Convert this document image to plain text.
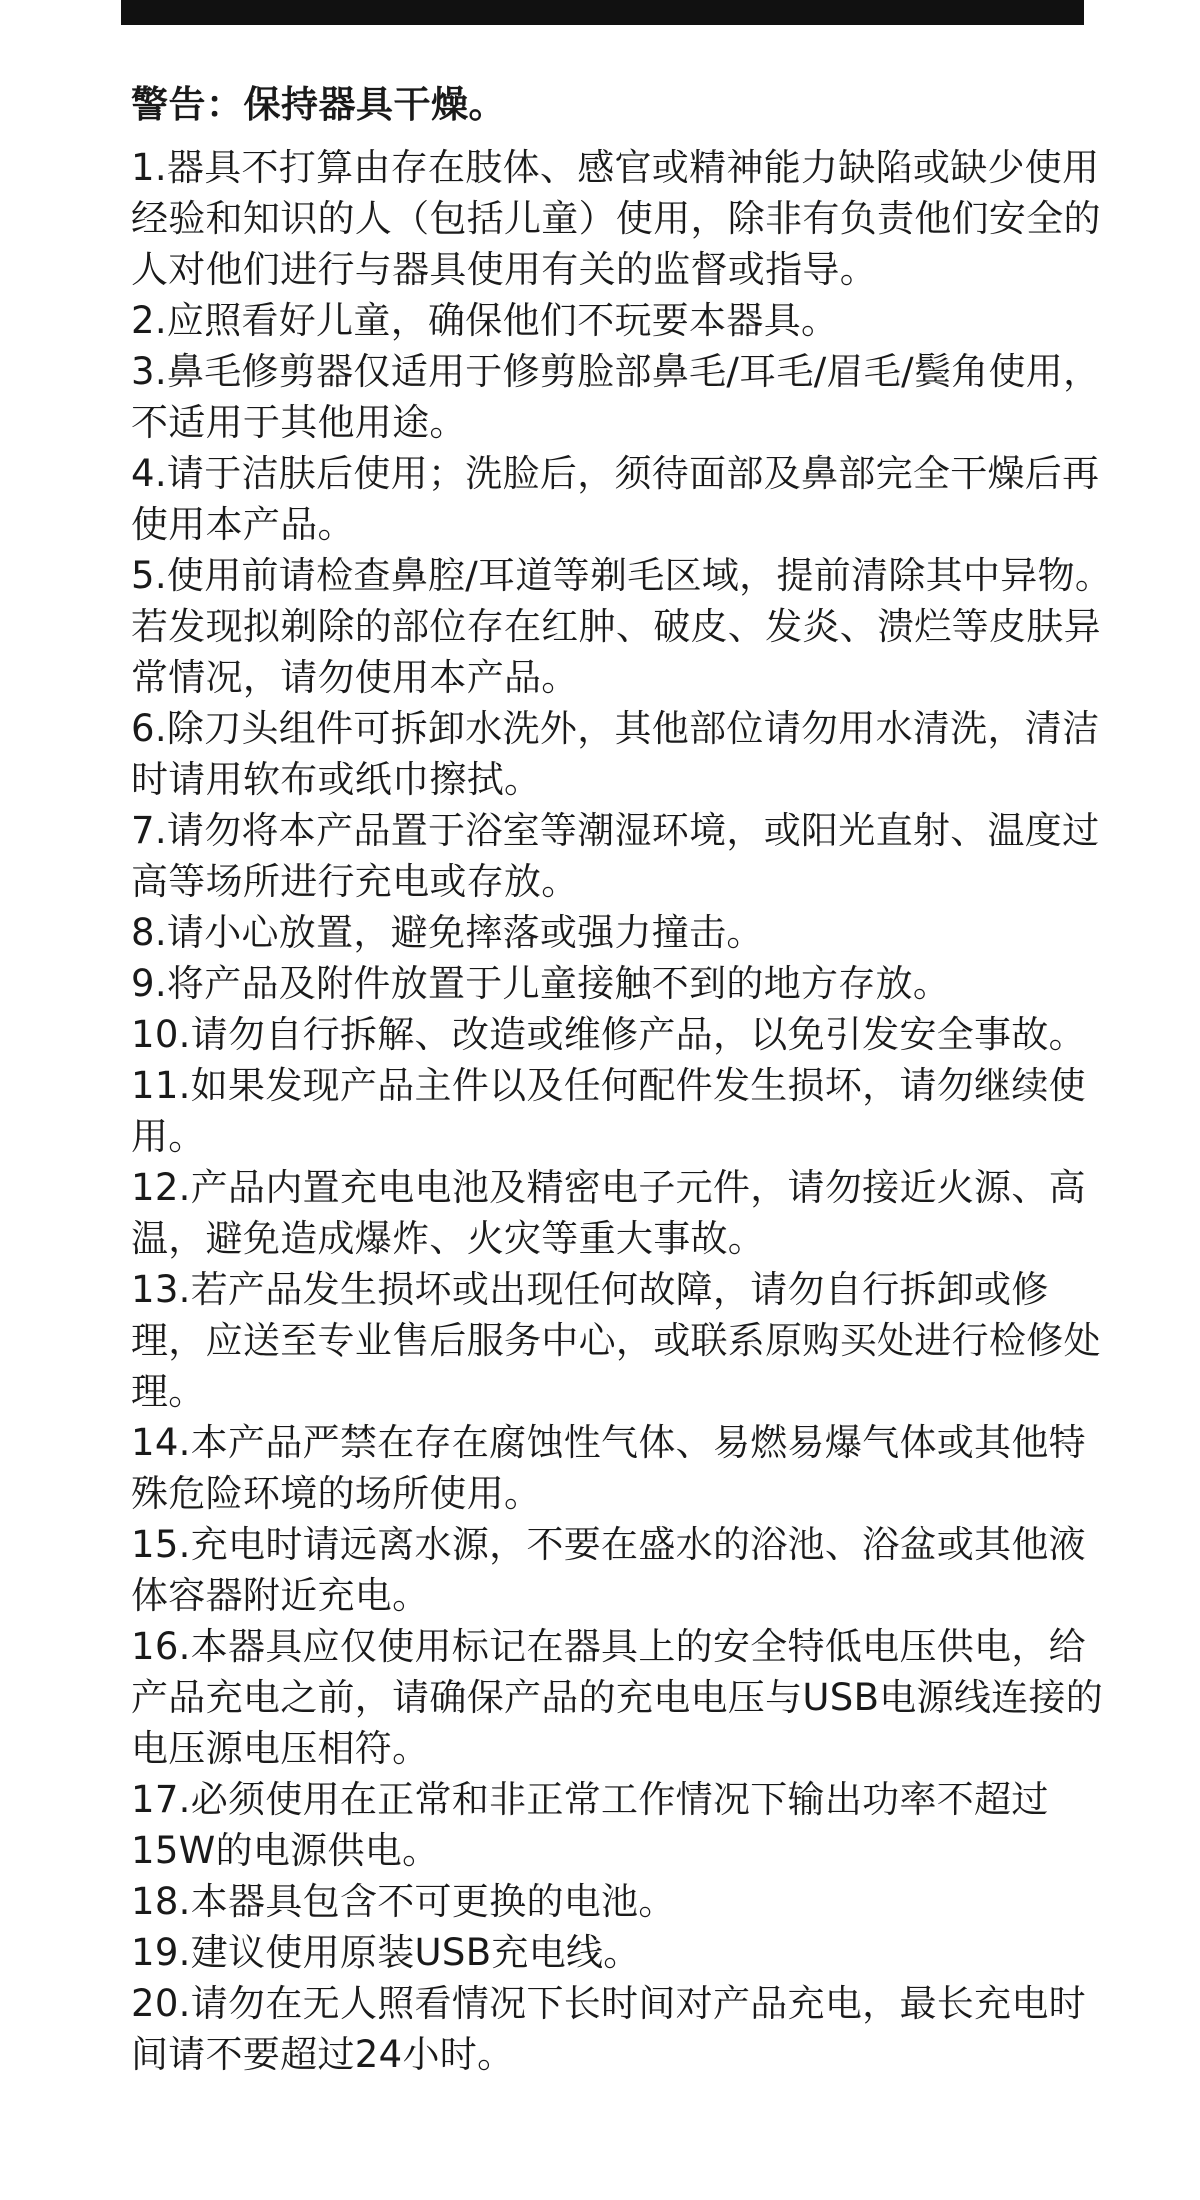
警告：保持器具干燥。

1.器具不打算由存在肢体、感官或精神能力缺陷或缺少使用经验和知识的人（包括儿童）使用，除非有负责他们安全的人对他们进行与器具使用有关的监督或指导。

2.应照看好儿童，确保他们不玩要本器具。

3.鼻毛修剪器仅适用于修剪脸部鼻毛/耳毛/眉毛/鬓角使用，不适用于其他用途。

4.请于洁肤后使用；洗脸后，须待面部及鼻部完全干燥后再使用本产品。

5.使用前请检查鼻腔/耳道等剃毛区域，提前清除其中异物。若发现拟剃除的部位存在红肿、破皮、发炎、溃烂等皮肤异常情况，请勿使用本产品。

6.除刀头组件可拆卸水洗外，其他部位请勿用水清洗，清洁时请用软布或纸巾擦拭。

7.请勿将本产品置于浴室等潮湿环境，或阳光直射、温度过高等场所进行充电或存放。

8.请小心放置，避免摔落或强力撞击。

9.将产品及附件放置于儿童接触不到的地方存放。

10.请勿自行拆解、改造或维修产品，以免引发安全事故。

11.如果发现产品主件以及任何配件发生损坏，请勿继续使用。

12.产品内置充电电池及精密电子元件，请勿接近火源、高温，避免造成爆炸、火灾等重大事故。

13.若产品发生损坏或出现任何故障，请勿自行拆卸或修理，应送至专业售后服务中心，或联系原购买处进行检修处理。

14.本产品严禁在存在腐蚀性气体、易燃易爆气体或其他特殊危险环境的场所使用。

15.充电时请远离水源，不要在盛水的浴池、浴盆或其他液体容器附近充电。

16.本器具应仅使用标记在器具上的安全特低电压供电，给产品充电之前，请确保产品的充电电压与USB电源线连接的电压源电压相符。

17.必须使用在正常和非正常工作情况下输出功率不超过15W的电源供电。

18.本器具包含不可更换的电池。

19.建议使用原装USB充电线。

20.请勿在无人照看情况下长时间对产品充电，最长充电时间请不要超过24小时。
